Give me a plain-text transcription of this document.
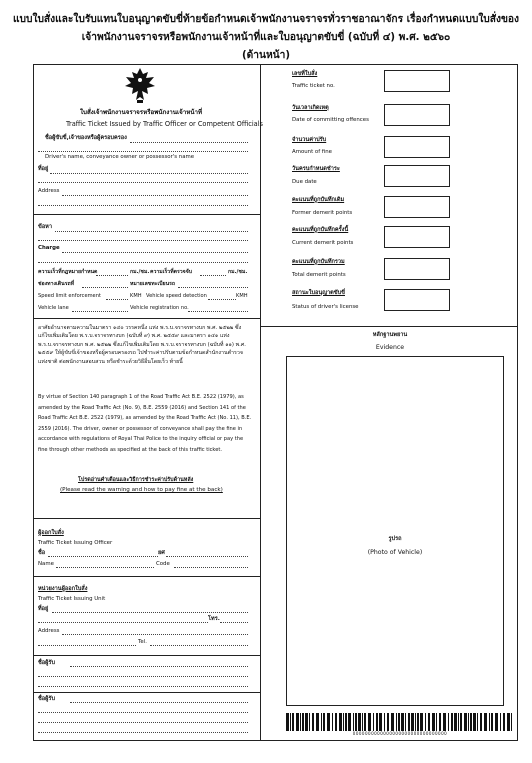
แบบใบสั่งและใบรับแทนใบอนุญาตขับขี่ท้ายข้อกำหนดเจ้าพนักงานจราจรทั่วราชอาณาจักร เรื่องกำหนดแบบใบสั่งของ
เจ้าพนักงานจราจรหรือพนักงานเจ้าหน้าที่และใบอนุญาตขับขี่ (ฉบับที่ ๔) พ.ศ. ๒๕๖๐
(ด้านหน้า)
ใบสั่งเจ้าพนักงานจราจรหรือพนักงานเจ้าหน้าที่
Traffic Ticket Issued by Traffic Officer or Competent Officials
ชื่อผู้ขับขี่,เจ้าของหรือผู้ครอบครอง
Driver's name, conveyance owner or possessor's name
ที่อยู่
Address
ข้อหา
Charge
ความเร็วที่กฎหมายกำหนด	กม./ชม. ความเร็วที่ตรวจจับ	กม./ชม.
ช่องทางเดินรถที่	หมายเลขทะเบียนรถ
Speed limit enforcement	KMH Vehicle speed detection	KMH
Vehicle lane	Vehicle registration no.
อาศัยอำนาจตามความในมาตรา ๑๔๐ วรรคหนึ่ง แห่ง พ.ร.บ.จราจรทางบก พ.ศ. ๒๕๒๒ ซึ่งแก้ไขเพิ่มเติมโดย พ.ร.บ.จราจรทางบก (ฉบับที่ ๙) พ.ศ. ๒๕๕๙ และมาตรา ๑๔๑ แห่ง พ.ร.บ.จราจรทางบก พ.ศ. ๒๕๒๒ ซึ่งแก้ไขเพิ่มเติมโดย พ.ร.บ.จราจรทางบก (ฉบับที่ ๑๑) พ.ศ. ๒๕๕๙ ให้ผู้ขับขี่เจ้าของหรือผู้ครอบครองรถ ไปชำระค่าปรับตามข้อกำหนดสำนักงานตำรวจแห่งชาติ ต่อพนักงานสอบสวน หรือชำระด้วยวิธีอื่นโดยเร็ว ท้ายนี้
By virtue of Section 140 paragraph 1 of the Road Traffic Act B.E. 2522 (1979), as amended by the Road Traffic Act (No. 9), B.E. 2559 (2016) and Section 141 of the Road Traffic Act B.E. 2522 (1979), as amended by the Road Traffic Act (No. 11), B.E. 2559 (2016). The driver, owner or possessor of conveyance shall pay the fine in accordance with regulations of Royal Thai Police to the inquiry official or pay the fine through other methods as specified at the back of this traffic ticket.
โปรดอ่านคำเตือนและวิธีการชำระค่าปรับด้านหลัง
(Please read the warning and how to pay fine at the back)
ผู้ออกใบสั่ง
Traffic Ticket Issuing Officer
ชื่อ	ยศ
Name	Code
หน่วยงานผู้ออกใบสั่ง
Traffic Ticket Issuing Unit
ที่อยู่
โทร.
Address
Tel.
ชื่อผู้รับ
ชื่อผู้รับ
เลขที่ใบสั่ง
Traffic ticket no.
วันเวลาเกิดเหตุ
Date of committing offences
จำนวนค่าปรับ
Amount of fine
วันครบกำหนดชำระ
Due date
คะแนนที่ถูกบันทึกเดิม
Former demerit points
คะแนนที่ถูกบันทึกครั้งนี้
Current demerit points
คะแนนที่ถูกบันทึกรวม
Total demerit points
สถานะใบอนุญาตขับขี่
Status of driver's license
หลักฐานพยาน
Evidence
รูปรถ
(Photo of Vehicle)
0000000000000000000000000000000
